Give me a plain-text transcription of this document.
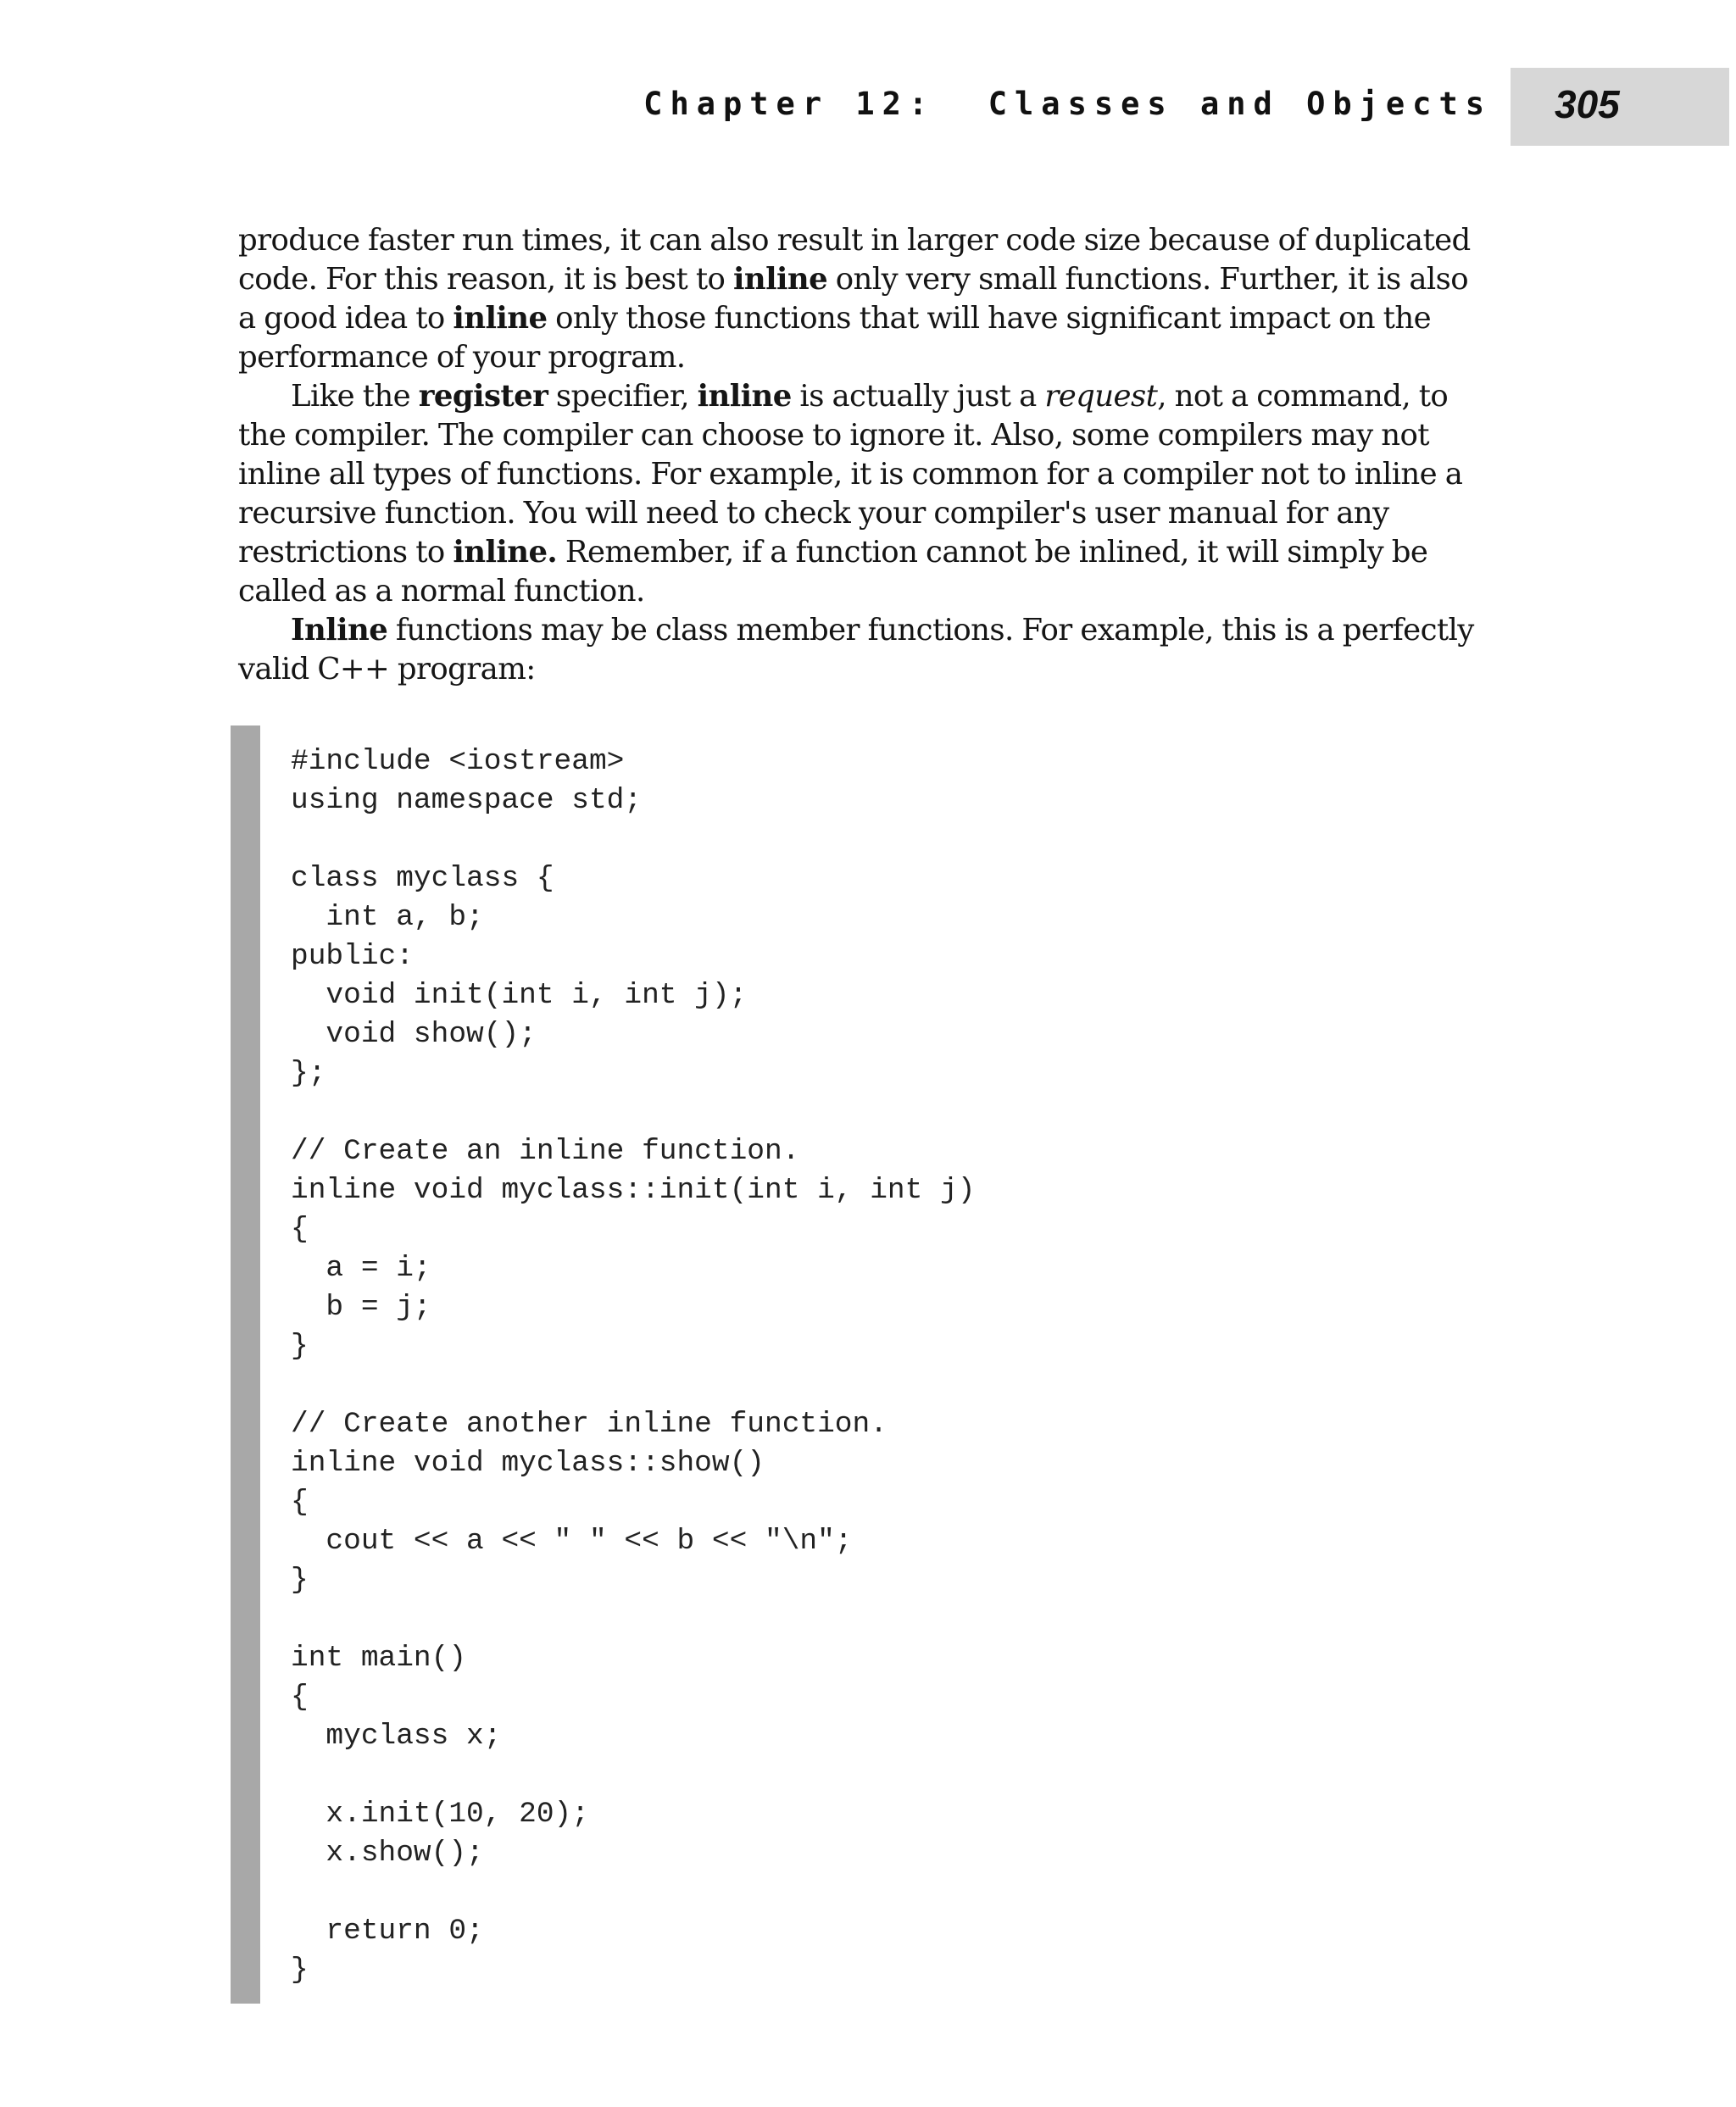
Chapter 12:  Classes and Objects 305

produce faster run times, it can also result in larger code size because of duplicated code. For this reason, it is best to inline only very small functions. Further, it is also a good idea to inline only those functions that will have significant impact on the performance of your program.

Like the register specifier, inline is actually just a request, not a command, to the compiler. The compiler can choose to ignore it. Also, some compilers may not inline all types of functions. For example, it is common for a compiler not to inline a recursive function. You will need to check your compiler's user manual for any restrictions to inline. Remember, if a function cannot be inlined, it will simply be called as a normal function.

Inline functions may be class member functions. For example, this is a perfectly valid C++ program:

#include <iostream>
using namespace std;

class myclass {
int a, b;
public:
void init(int i, int j);
void show();
};

// Create an inline function.
inline void myclass::init(int i, int j)
{
a = i;
b = j;
}

// Create another inline function.
inline void myclass::show()
{
cout << a << " " << b << "\n";
}

int main()
{
myclass x;

x.init(10, 20);
x.show();

return 0;
}
